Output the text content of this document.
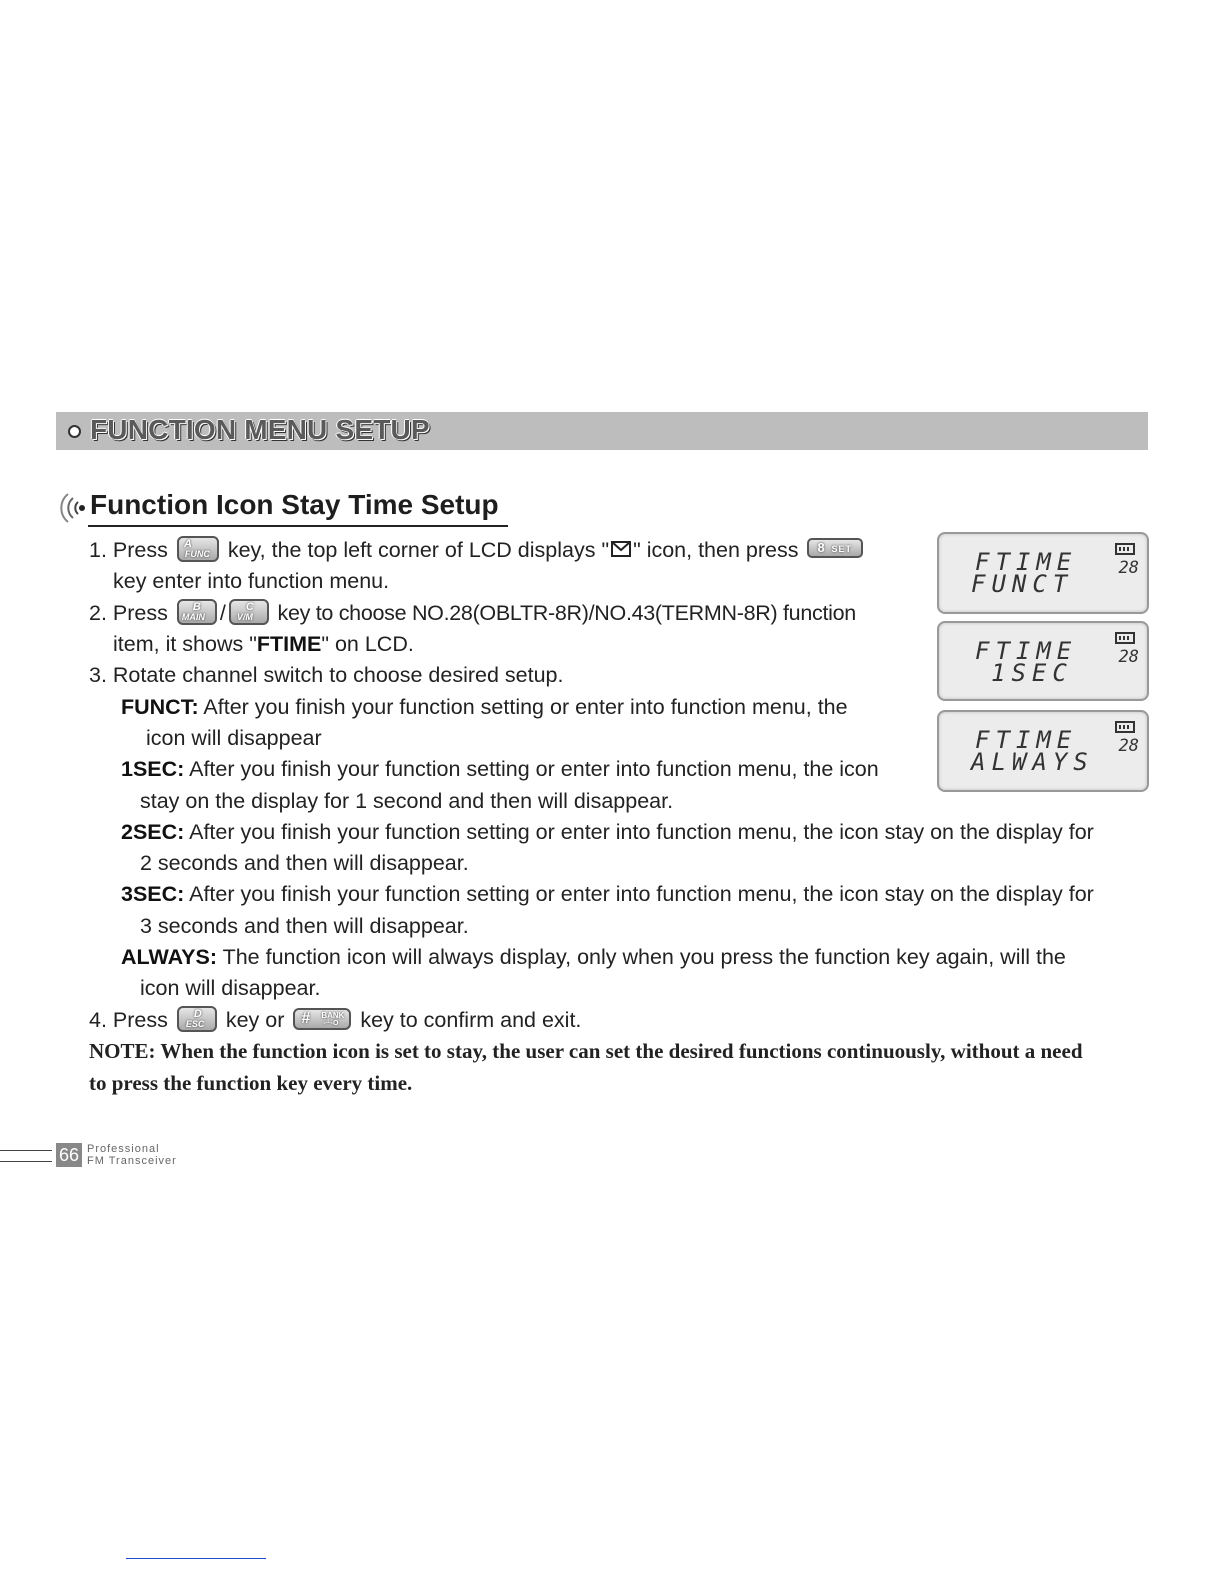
FUNCTION MENU SETUP
Function Icon Stay Time Setup
1. Press A
FUNC key, the top left corner of LCD displays " " icon, then press 8 SET
key enter into function menu.
2. Press B
MAIN / C
V/M key to choose NO.28(OBLTR-8R)/NO.43(TERMN-8R) function
item, it shows "FTIME" on LCD.
3. Rotate channel switch to choose desired setup.
FUNCT: After you finish your function setting or enter into function menu, the
icon will disappear
1SEC: After you finish your function setting or enter into function menu, the icon
stay on the display for 1 second and then will disappear.
2SEC: After you finish your function setting or enter into function menu, the icon stay on the display for
2 seconds and then will disappear.
3SEC: After you finish your function setting or enter into function menu, the icon stay on the display for
3 seconds and then will disappear.
ALWAYS: The function icon will always display, only when you press the function key again, will the
icon will disappear.
4. Press D
ESC key or # BANK
-┴-O key to confirm and exit.
NOTE: When the function icon is set to stay, the user can set the desired functions continuously, without a need
to press the function key every time.
FTIME
FUNCT
28
FTIME
1SEC
28
FTIME
ALWAYS
28
66 Professional
FM Transceiver
